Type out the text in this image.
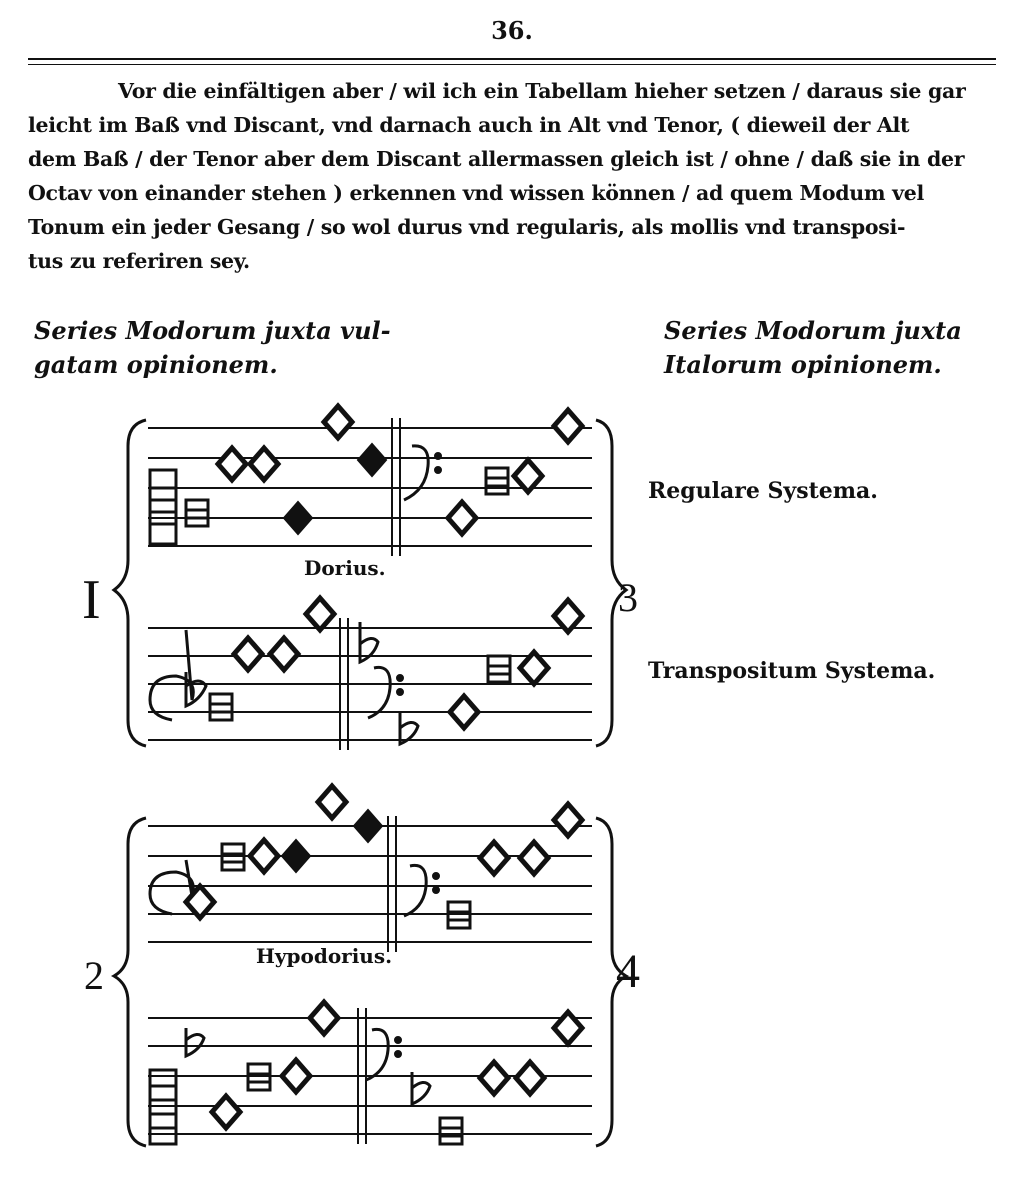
36.
Vor die einfältigen aber / wil ich ein Tabellam hieher setzen / daraus sie gar
leicht im Baß vnd Discant, vnd darnach auch in Alt vnd Tenor, ( dieweil der Alt
dem Baß / der Tenor aber dem Discant allermassen gleich ist / ohne / daß sie in der
Octav von einander stehen ) erkennen vnd wissen können / ad quem Modum vel
Tonum ein jeder Gesang / so wol durus vnd regularis, als mollis vnd transposi-
tus zu referiren sey.
Series Modorum juxta vul-
gatam opinionem.
Series Modorum juxta
Italorum opinionem.
Regulare Systema.
Transpositum Systema.
I	3
Dorius.
2	4
Hypodorius.
